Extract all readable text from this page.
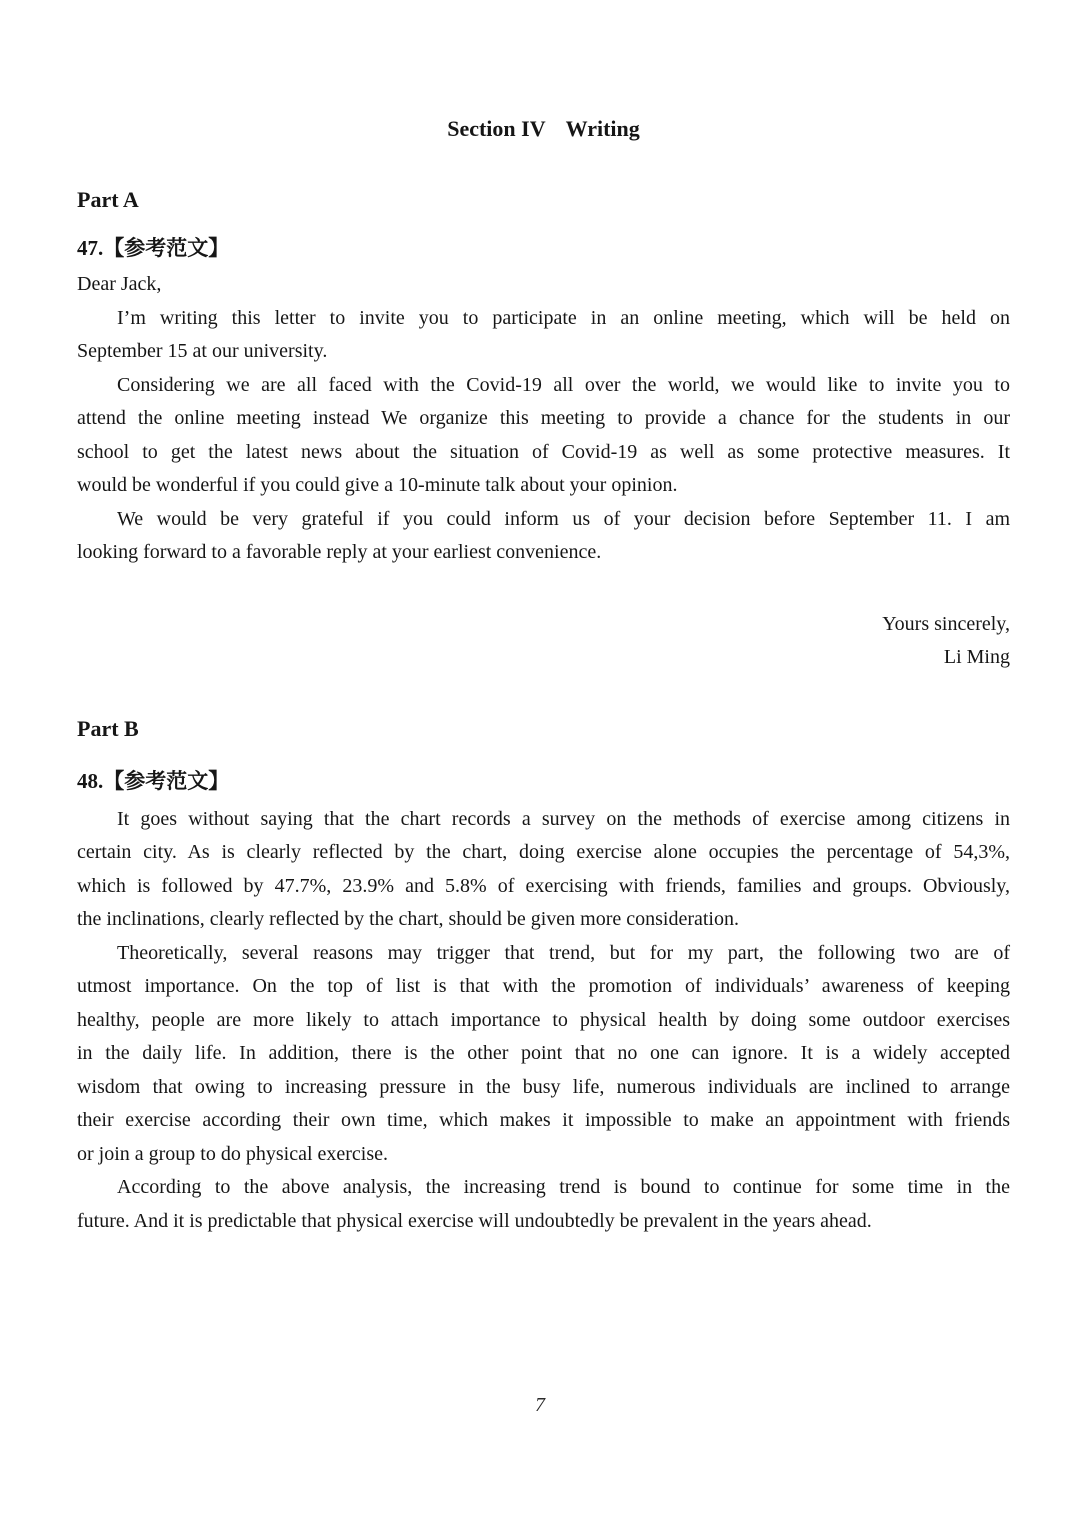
Section IV Writing
Part A
47.【参考范文】
Dear Jack,
I’m writing this letter to invite you to participate in an online meeting, which will be held on
September 15 at our university.
Considering we are all faced with the Covid-19 all over the world, we would like to invite you to
attend the online meeting instead We organize this meeting to provide a chance for the students in our
school to get the latest news about the situation of Covid-19 as well as some protective measures. It
would be wonderful if you could give a 10-minute talk about your opinion.
We would be very grateful if you could inform us of your decision before September 11. I am
looking forward to a favorable reply at your earliest convenience.
Yours sincerely,
Li Ming
Part B
48.【参考范文】
It goes without saying that the chart records a survey on the methods of exercise among citizens in
certain city. As is clearly reflected by the chart, doing exercise alone occupies the percentage of 54,3%,
which is followed by 47.7%, 23.9% and 5.8% of exercising with friends, families and groups. Obviously,
the inclinations, clearly reflected by the chart, should be given more consideration.
Theoretically, several reasons may trigger that trend, but for my part, the following two are of
utmost importance. On the top of list is that with the promotion of individuals’ awareness of keeping
healthy, people are more likely to attach importance to physical health by doing some outdoor exercises
in the daily life. In addition, there is the other point that no one can ignore. It is a widely accepted
wisdom that owing to increasing pressure in the busy life, numerous individuals are inclined to arrange
their exercise according their own time, which makes it impossible to make an appointment with friends
or join a group to do physical exercise.
According to the above analysis, the increasing trend is bound to continue for some time in the
future. And it is predictable that physical exercise will undoubtedly be prevalent in the years ahead.
7
